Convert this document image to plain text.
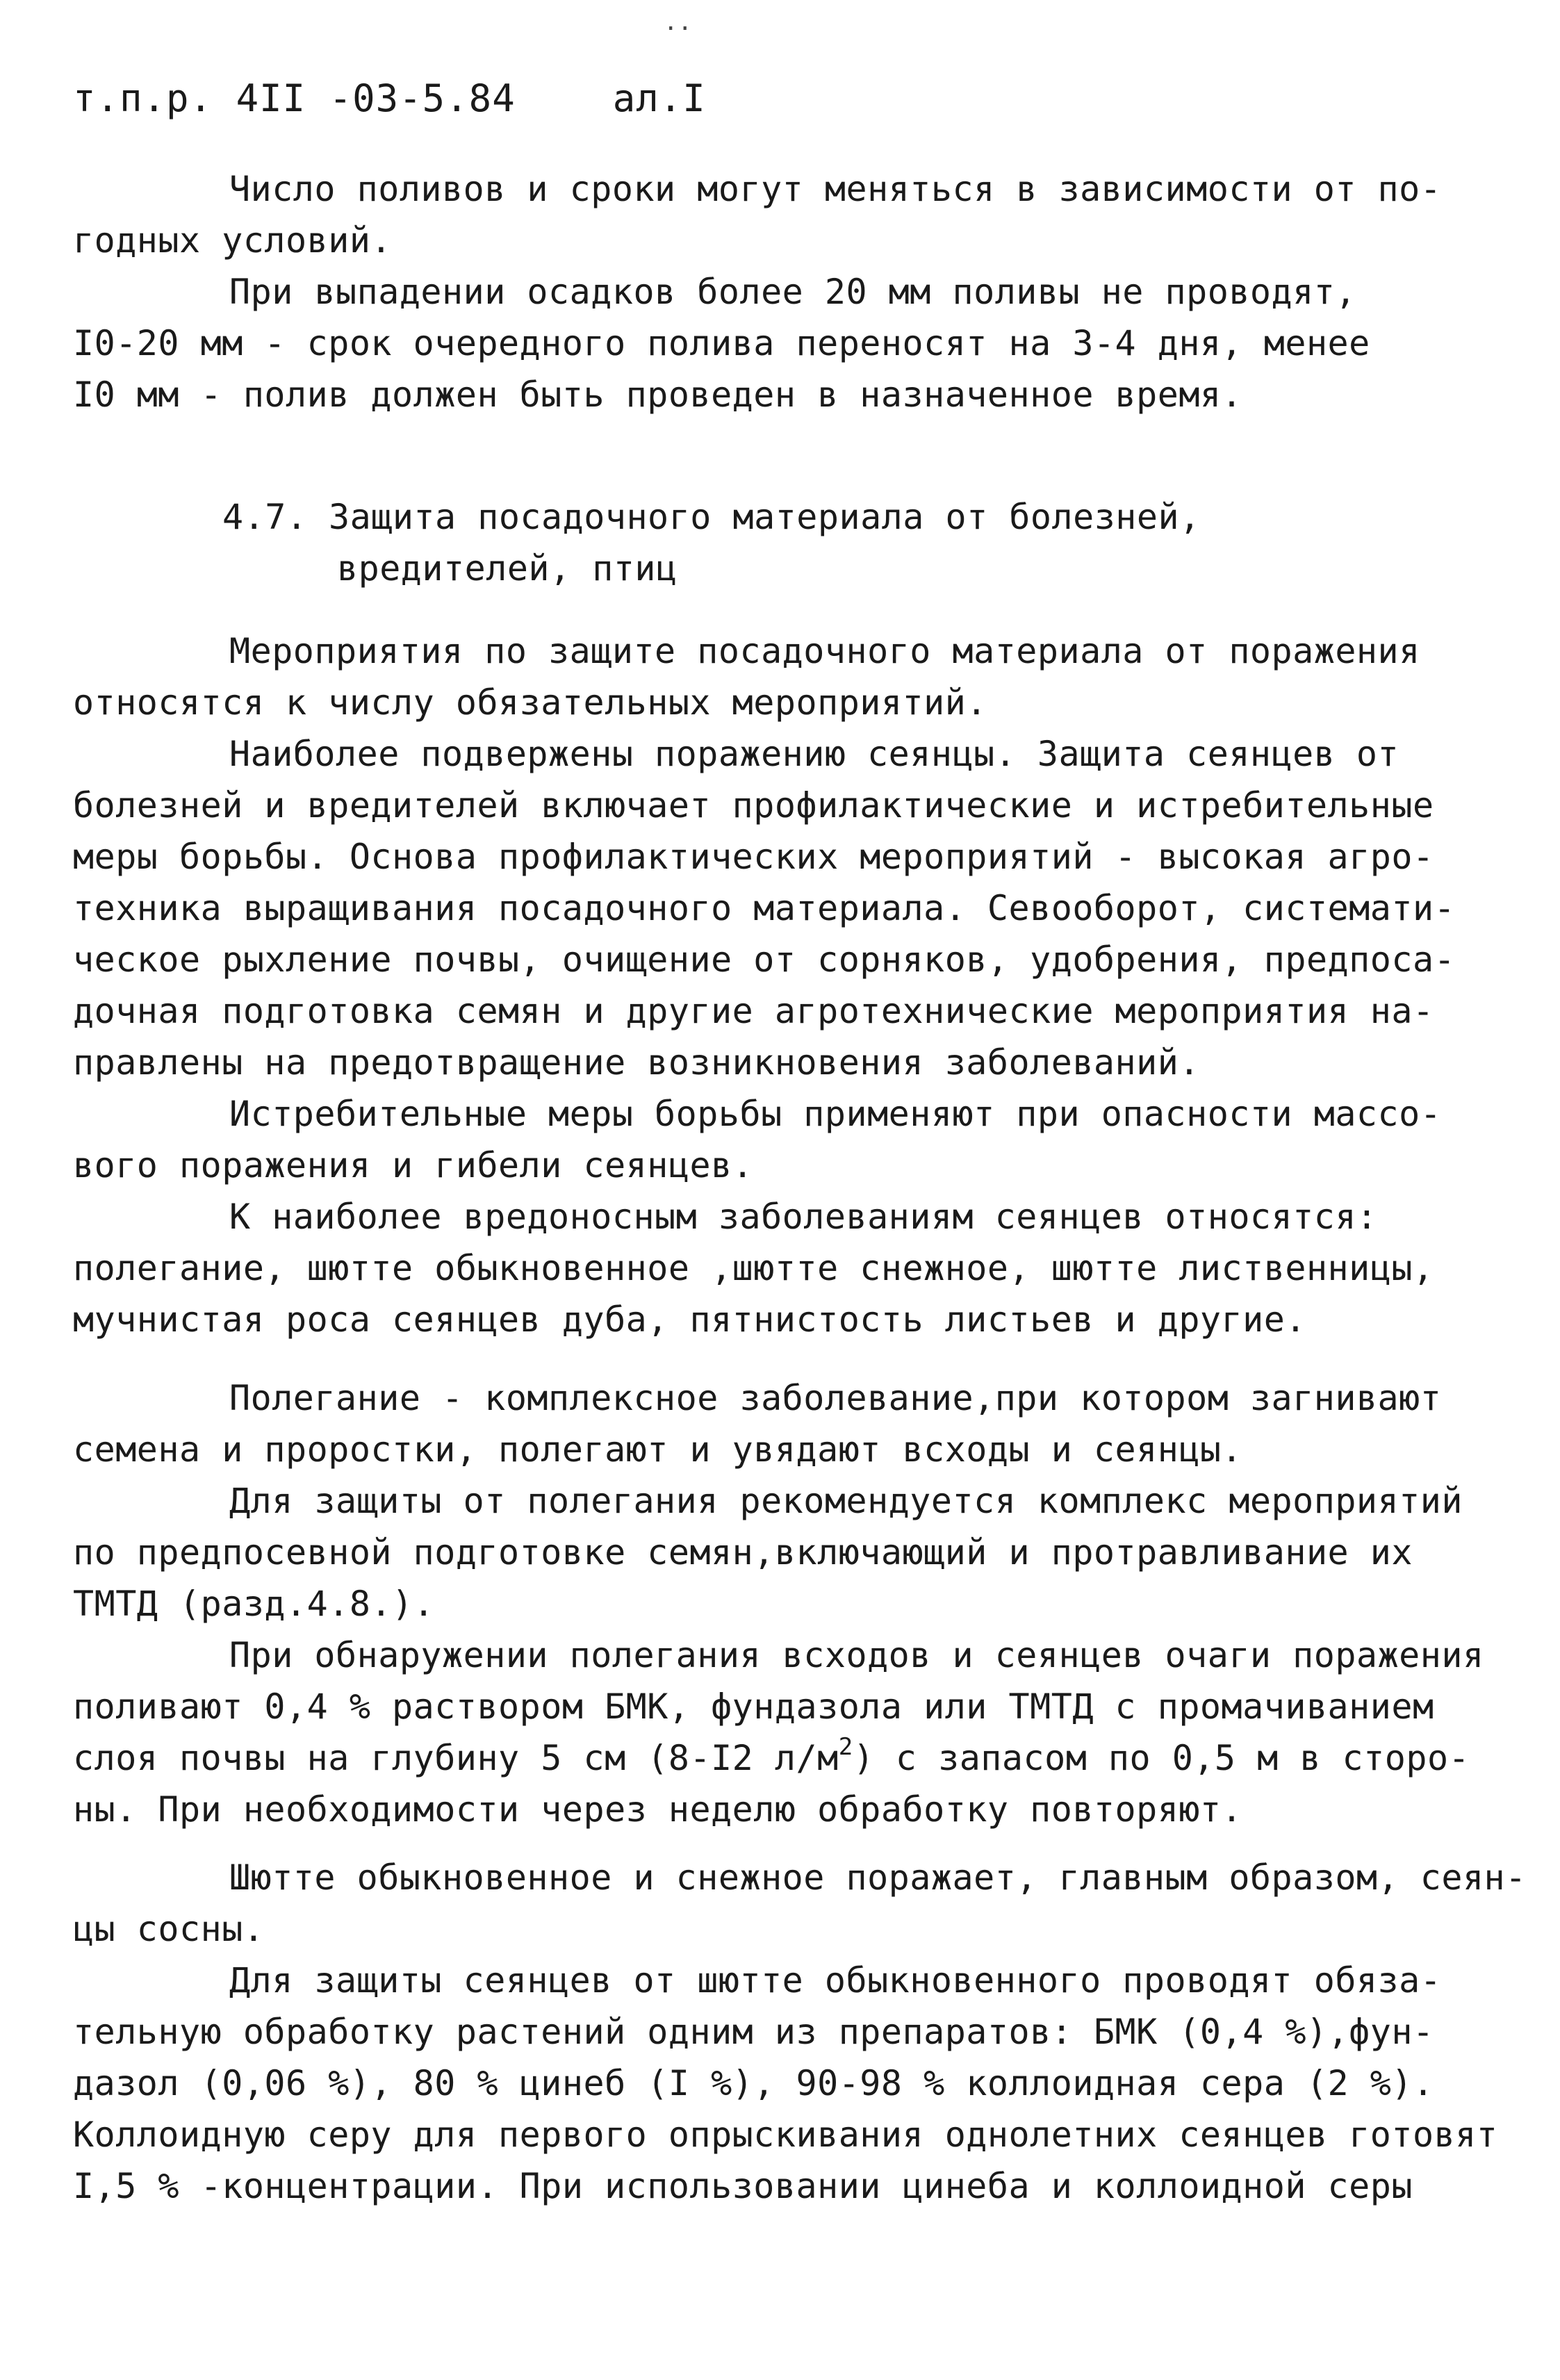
..
т.п.р. 4II -03-5.84	ал.I
Число поливов и сроки могут меняться в зависимости от по-
годных условий.
При выпадении осадков более 20 мм поливы не проводят,
I0-20 мм - срок очередного полива переносят на 3-4 дня, менее
I0 мм - полив должен быть проведен в назначенное время.
4.7. Защита посадочного материала от болезней,
вредителей, птиц
Мероприятия по защите посадочного материала от поражения
относятся к числу обязательных мероприятий.
Наиболее подвержены поражению сеянцы. Защита сеянцев от
болезней и вредителей включает профилактические и истребительные
меры борьбы. Основа профилактических мероприятий - высокая агро-
техника выращивания посадочного материала. Севооборот, системати-
ческое рыхление почвы, очищение от сорняков, удобрения, предпоса-
дочная подготовка семян и другие агротехнические мероприятия на-
правлены на предотвращение возникновения заболеваний.
Истребительные меры борьбы применяют при опасности массо-
вого поражения и гибели сеянцев.
К наиболее вредоносным заболеваниям сеянцев относятся:
полегание, шютте обыкновенное ,шютте снежное, шютте лиственницы,
мучнистая роса сеянцев дуба, пятнистость листьев и другие.
Полегание - комплексное заболевание,при котором загнивают
семена и проростки, полегают и увядают всходы и сеянцы.
Для защиты от полегания рекомендуется комплекс мероприятий
по предпосевной подготовке семян,включающий и протравливание их
ТМТД (разд.4.8.).
При обнаружении полегания всходов и сеянцев очаги поражения
поливают 0,4 % раствором БМК, фундазола или ТМТД с промачиванием
слоя почвы на глубину 5 см (8-I2 $л/м^2$) с запасом по 0,5 м в сторо-
ны. При необходимости через неделю обработку повторяют.
Шютте обыкновенное и снежное поражает, главным образом, сеян-
цы сосны.
Для защиты сеянцев от шютте обыкновенного проводят обяза-
тельную обработку растений одним из препаратов: БМК (0,4 %),фун-
дазол (0,06 %), 80 % цинеб (I %), 90-98 % коллоидная сера (2 %).
Коллоидную серу для первого опрыскивания однолетних сеянцев готовят
I,5 % -концентрации. При использовании цинеба и коллоидной серы
